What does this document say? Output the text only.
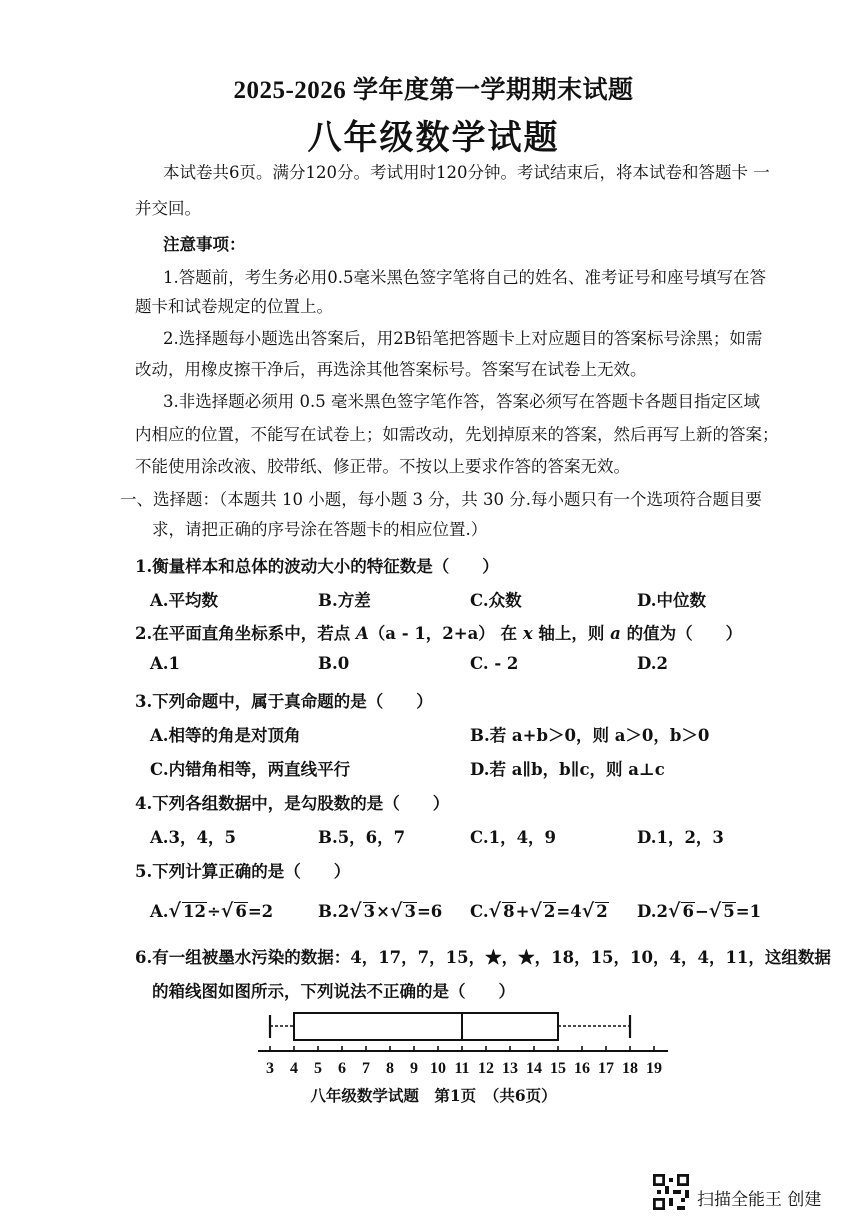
2025-2026 学年度第一学期期末试题
八年级数学试题
本试卷共6页。满分120分。考试用时120分钟。考试结束后，将本试卷和答题卡 一
并交回。
注意事项：
1.答题前，考生务必用0.5毫米黑色签字笔将自己的姓名、准考证号和座号填写在答
题卡和试卷规定的位置上。
2.选择题每小题选出答案后，用2B铅笔把答题卡上对应题目的答案标号涂黑；如需
改动，用橡皮擦干净后，再选涂其他答案标号。答案写在试卷上无效。
3.非选择题必须用 0.5 毫米黑色签字笔作答，答案必须写在答题卡各题目指定区域
内相应的位置，不能写在试卷上；如需改动，先划掉原来的答案，然后再写上新的答案；
不能使用涂改液、胶带纸、修正带。不按以上要求作答的答案无效。
一、选择题：（本题共 10 小题，每小题 3 分，共 30 分.每小题只有一个选项符合题目要
求，请把正确的序号涂在答题卡的相应位置.）
1.衡量样本和总体的波动大小的特征数是（　　）
A.平均数	B.方差	C.众数	D.中位数
2.在平面直角坐标系中，若点 A（a - 1，2+a） 在 x 轴上，则 a 的值为（　　）
A.1	B.0	C. - 2	D.2
3.下列命题中，属于真命题的是（　　）
A.相等的角是对顶角	B.若 a+b＞0，则 a＞0，b＞0
C.内错角相等，两直线平行	D.若 a∥b，b∥c，则 a⊥c
4.下列各组数据中，是勾股数的是（　　）
A.3，4，5	B.5，6，7	C.1，4，9	D.1，2，3
5.下列计算正确的是（　　）
A.√ 12÷√ 6=2	B.2√ 3×√ 3=6 C.√ 8+√ 2=4√ 2 D.2√ 6−√ 5=1
6.有一组被墨水污染的数据：4，17，7，15，★，★，18，15，10，4，4，11，这组数据
的箱线图如图所示，下列说法不正确的是（　　）
3 4 5 6 7 8 9 10 11 12 13 14 15 16 17 18 19
八年级数学试题　第1页　（共6页）
扫描全能王 创建
